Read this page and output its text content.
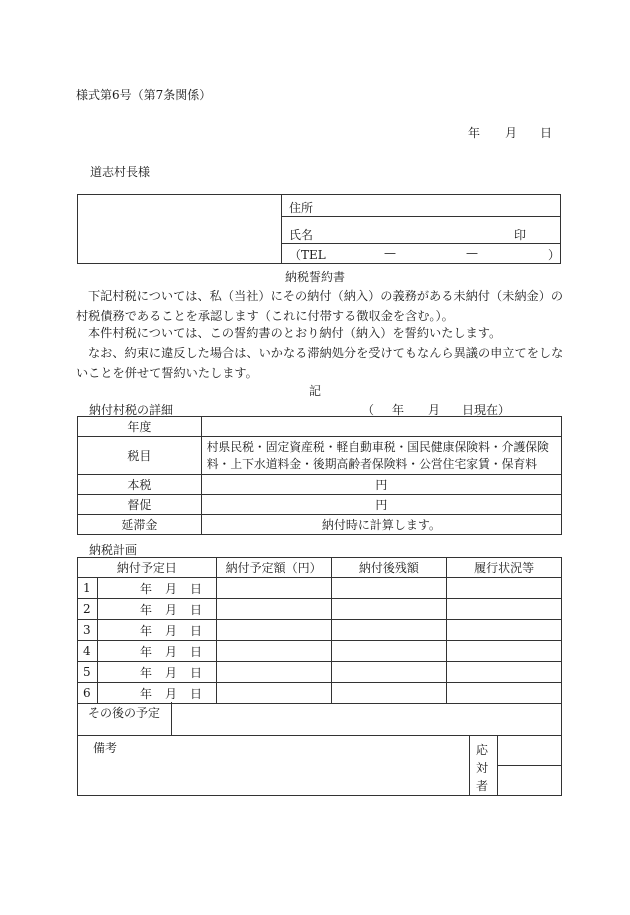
様式第6号（第7条関係）
年 月 日
道志村長様
住所
氏名	印
（TEL	—	—	）
納税誓約書
下記村税については、私（当社）にその納付（納入）の義務がある未納付（未納金）の村税債務であることを承認します（これに付帯する徴収金を含む。）。
本件村税については、この誓約書のとおり納付（納入）を誓約いたします。
なお、約束に違反した場合は、いかなる滞納処分を受けてもなんら異議の申立てをしないことを併せて誓約いたします。
記
納付村税の詳細	（ 年 月 日現在）
年度	
税目	村県民税・固定資産税・軽自動車税・国民健康保険料・介護保険料・上下水道料金・後期高齢者保険料・公営住宅家賃・保育料
本税	円
督促	円
延滞金	納付時に計算します。
納税計画
納付予定日		納付予定額（円）	納付後残額	履行状況等
1	年 月 日			
2	年 月 日			
3	年 月 日			
4	年 月 日			
5	年 月 日			
6	年 月 日			
その後の予定
備考	応
対
者
